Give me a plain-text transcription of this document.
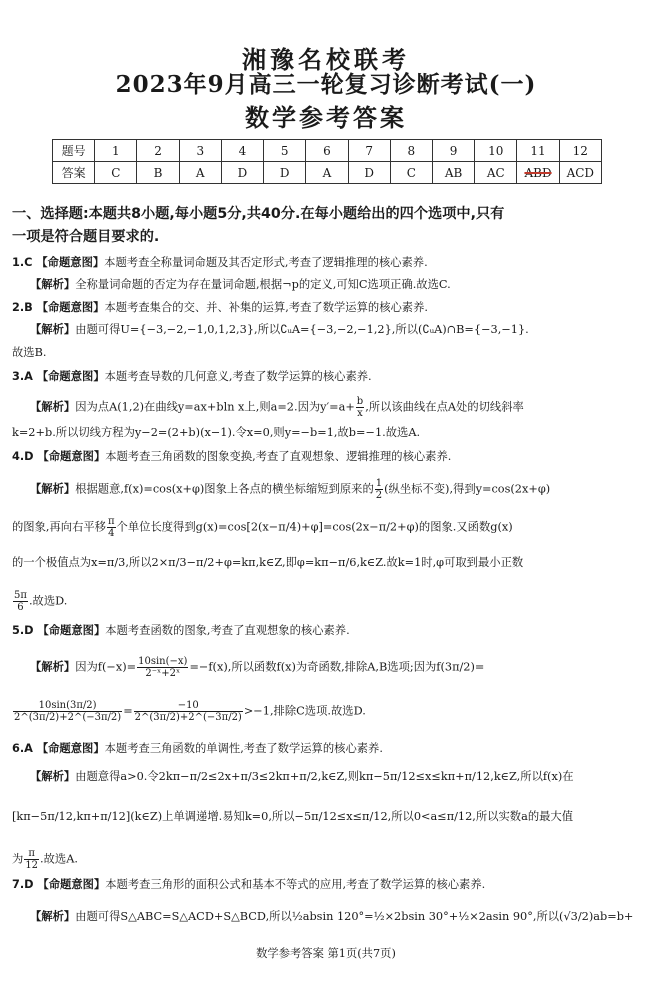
湘豫名校联考
2023年9月高三一轮复习诊断考试(一)
数学参考答案
题号	1	2	3	4	5	6	7	8	9	10	11	12
答案	C	B	A	D	D	A	D	C	AB	AC	ABD	ACD
一、选择题:本题共8小题,每小题5分,共40分.在每小题给出的四个选项中,只有
一项是符合题目要求的.
1.C 【命题意图】本题考查全称量词命题及其否定形式,考查了逻辑推理的核心素养.
【解析】全称量词命题的否定为存在量词命题,根据¬p的定义,可知C选项正确.故选C.
2.B 【命题意图】本题考查集合的交、并、补集的运算,考查了数学运算的核心素养.
【解析】由题可得U={−3,−2,−1,0,1,2,3},所以∁ᵤA={−3,−2,−1,2},所以(∁ᵤA)∩B={−3,−1}.
故选B.
3.A 【命题意图】本题考查导数的几何意义,考查了数学运算的核心素养.
【解析】因为点A(1,2)在曲线y=ax+bln x上,则a=2.因为$y'=a+ \frac{b}{x}$ ,所以该曲线在点A处的切线斜率
k=2+b.所以切线方程为y−2=(2+b)(x−1).令x=0,则y=−b=1,故b=−1.故选A.
4.D 【命题意图】本题考查三角函数的图象变换,考查了直观想象、逻辑推理的核心素养.
【解析】根据题意,f(x)=cos(x+φ)图象上各点的横坐标缩短到原来的 $\frac{1}{2}$ (纵坐标不变),得到y=cos(2x+φ)
的图象,再向右平移 $\frac{\pi}{4}$ 个单位长度得到g(x)=cos[2(x−π/4)+φ]=cos(2x−π/2+φ)的图象.又函数g(x)
的一个极值点为x=π/3,所以2×π/3−π/2+φ=kπ,k∈Z,即φ=kπ−π/6,k∈Z.故k=1时,φ可取到最小正数
$\frac{5\pi}{6}$ .故选D.
5.D 【命题意图】本题考查函数的图象,考查了直观想象的核心素养.
【解析】因为$f(-x)= \frac{10\sin(-x)}{\text{2⁻ˣ+2ˣ}} =-f(x)$,所以函数f(x)为奇函数,排除A,B选项;因为f(3π/2)=
$\frac{10\sin(3\pi/2)}{2\^{}(3\pi/2)+2\^{}(-3\pi/2)} = \frac{-10}{2\^{}(3\pi/2)+2\^{}(-3\pi/2)} >-1$,排除C选项.故选D.
6.A 【命题意图】本题考查三角函数的单调性,考查了数学运算的核心素养.
【解析】由题意得a>0.令2kπ−π/2≤2x+π/3≤2kπ+π/2,k∈Z,则kπ−5π/12≤x≤kπ+π/12,k∈Z,所以f(x)在
[kπ−5π/12,kπ+π/12](k∈Z)上单调递增.易知k=0,所以−5π/12≤x≤π/12,所以0<a≤π/12,所以实数a的最大值
为 $\frac{\pi}{12}$ .故选A.
7.D 【命题意图】本题考查三角形的面积公式和基本不等式的应用,考查了数学运算的核心素养.
【解析】由题可得S△ABC=S△ACD+S△BCD,所以½absin 120°=½×2bsin 30°+½×2asin 90°,所以(√3/2)ab=b+
数学参考答案 第1页(共7页)
